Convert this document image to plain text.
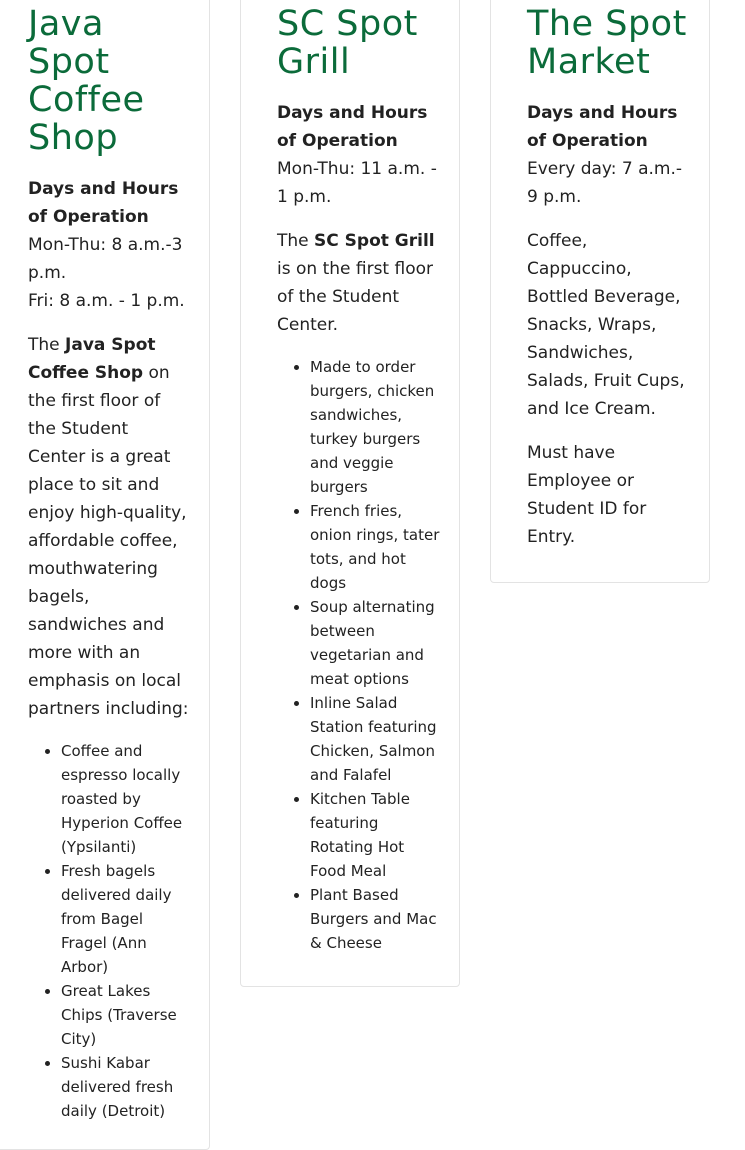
Java Spot Coffee Shop
Days and Hours of Operation
Mon-Thu: 8 a.m.-3 p.m.
Fri: 8 a.m. - 1 p.m.

The Java Spot Coffee Shop on the first floor of the Student Center is a great place to sit and enjoy high-quality, affordable coffee, mouthwatering bagels, sandwiches and more with an emphasis on local partners including:

• Coffee and espresso locally roasted by Hyperion Coffee (Ypsilanti)
• Fresh bagels delivered daily from Bagel Fragel (Ann Arbor)
• Great Lakes Chips (Traverse City)
• Sushi Kabar delivered fresh daily (Detroit)
SC Spot Grill
Days and Hours of Operation
Mon-Thu: 11 a.m. - 1 p.m.

The SC Spot Grill is on the first floor of the Student Center.

• Made to order burgers, chicken sandwiches, turkey burgers and veggie burgers
• French fries, onion rings, tater tots, and hot dogs
• Soup alternating between vegetarian and meat options
• Inline Salad Station featuring Chicken, Salmon and Falafel
• Kitchen Table featuring Rotating Hot Food Meal
• Plant Based Burgers and Mac & Cheese
The Spot Market
Days and Hours of Operation
Every day: 7 a.m.- 9 p.m.

Coffee, Cappuccino, Bottled Beverage, Snacks, Wraps, Sandwiches, Salads, Fruit Cups, and Ice Cream.

Must have Employee or Student ID for Entry.
